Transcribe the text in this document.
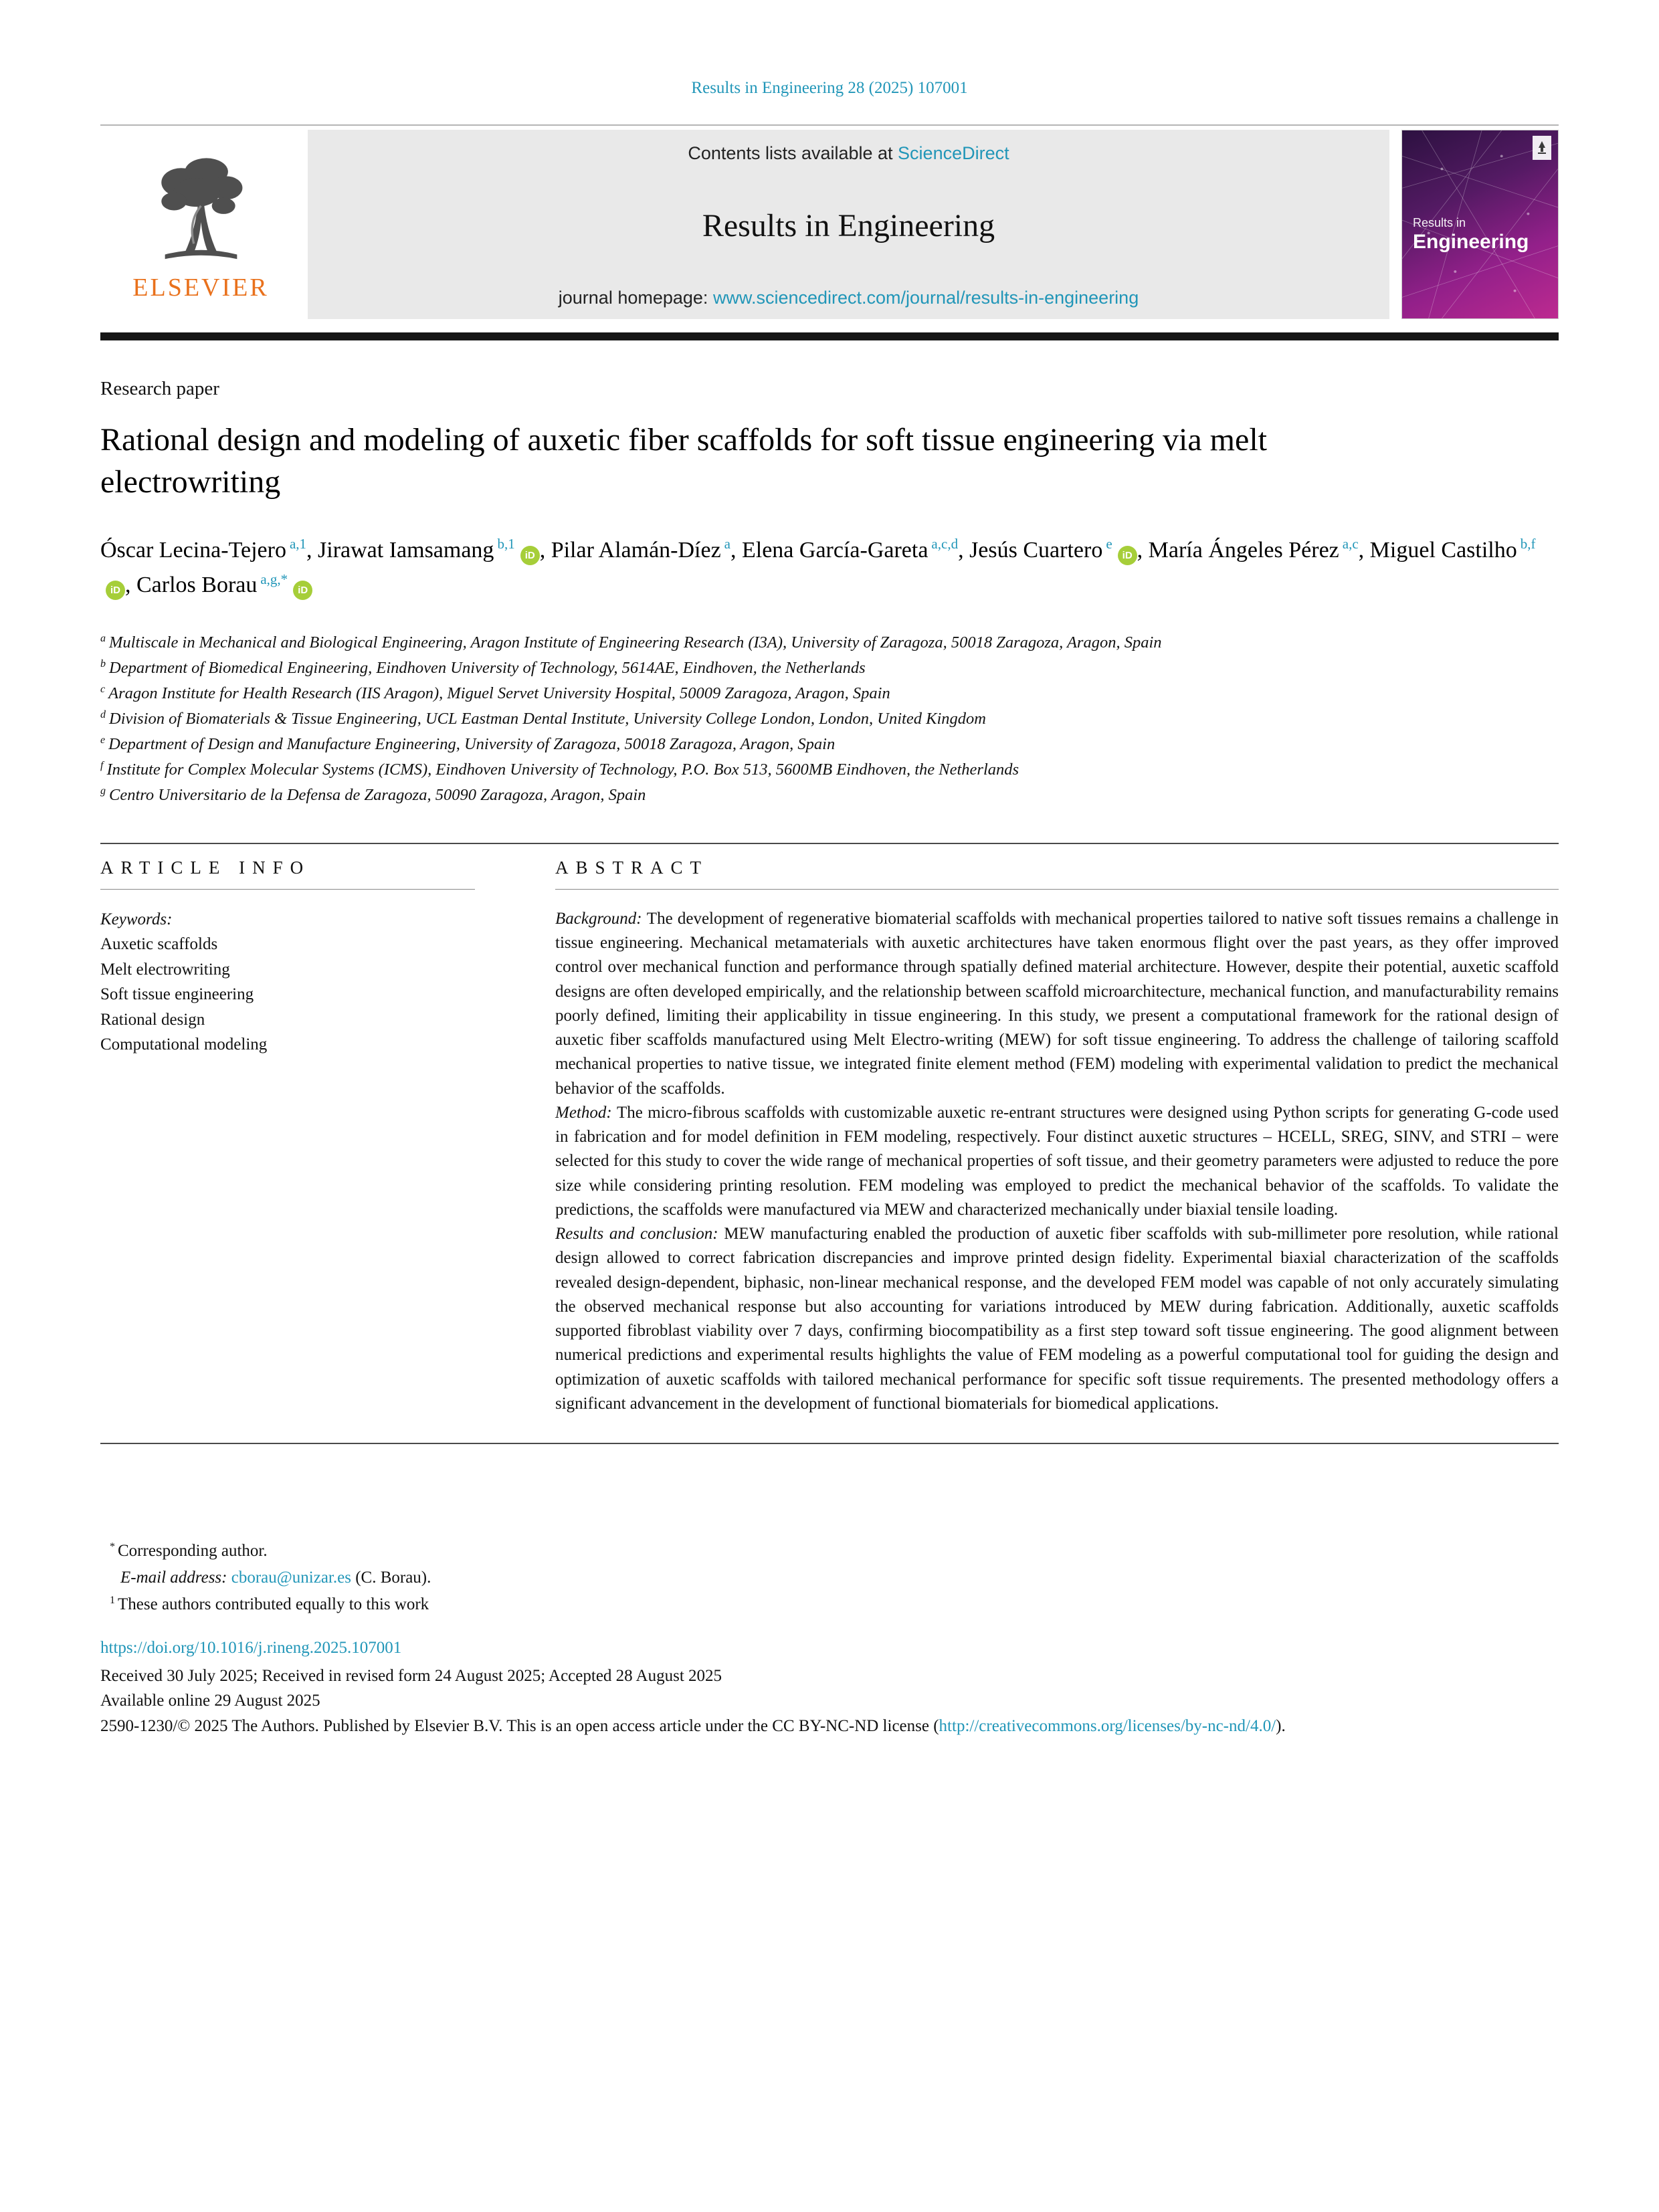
Results in Engineering 28 (2025) 107001
ELSEVIER
Contents lists available at ScienceDirect
Results in Engineering
journal homepage: www.sciencedirect.com/journal/results-in-engineering
Results in
Engineering
Research paper
Rational design and modeling of auxetic fiber scaffolds for soft tissue engineering via melt electrowriting
Óscar Lecina-Tejero $^{a,1}$, Jirawat Iamsamang $^{b,1}$iD , Pilar Alamán-Díez $^a$, Elena García-Gareta $^{a,c,d}$, Jesús Cuartero $^e$iD , María Ángeles Pérez $^{a,c}$, Miguel Castilho $^{b,f}$iD , Carlos Borau $^{a,g,*}$iD
$^a$ Multiscale in Mechanical and Biological Engineering, Aragon Institute of Engineering Research (I3A), University of Zaragoza, 50018 Zaragoza, Aragon, Spain
$^b$ Department of Biomedical Engineering, Eindhoven University of Technology, 5614AE, Eindhoven, the Netherlands
$^c$ Aragon Institute for Health Research (IIS Aragon), Miguel Servet University Hospital, 50009 Zaragoza, Aragon, Spain
$^d$ Division of Biomaterials & Tissue Engineering, UCL Eastman Dental Institute, University College London, London, United Kingdom
$^e$ Department of Design and Manufacture Engineering, University of Zaragoza, 50018 Zaragoza, Aragon, Spain
$^f$ Institute for Complex Molecular Systems (ICMS), Eindhoven University of Technology, P.O. Box 513, 5600MB Eindhoven, the Netherlands
$^g$ Centro Universitario de la Defensa de Zaragoza, 50090 Zaragoza, Aragon, Spain
ARTICLE INFO
Keywords:
Auxetic scaffolds
Melt electrowriting
Soft tissue engineering
Rational design
Computational modeling
ABSTRACT

Background: The development of regenerative biomaterial scaffolds with mechanical properties tailored to native soft tissues remains a challenge in tissue engineering. Mechanical metamaterials with auxetic architectures have taken enormous flight over the past years, as they offer improved control over mechanical function and performance through spatially defined material architecture. However, despite their potential, auxetic scaffold designs are often developed empirically, and the relationship between scaffold microarchitecture, mechanical function, and manufacturability remains poorly defined, limiting their applicability in tissue engineering. In this study, we present a computational framework for the rational design of auxetic fiber scaffolds manufactured using Melt Electro-writing (MEW) for soft tissue engineering. To address the challenge of tailoring scaffold mechanical properties to native tissue, we integrated finite element method (FEM) modeling with experimental validation to predict the mechanical behavior of the scaffolds.

Method: The micro-fibrous scaffolds with customizable auxetic re-entrant structures were designed using Python scripts for generating G-code used in fabrication and for model definition in FEM modeling, respectively. Four distinct auxetic structures – HCELL, SREG, SINV, and STRI – were selected for this study to cover the wide range of mechanical properties of soft tissue, and their geometry parameters were adjusted to reduce the pore size while considering printing resolution. FEM modeling was employed to predict the mechanical behavior of the scaffolds. To validate the predictions, the scaffolds were manufactured via MEW and characterized mechanically under biaxial tensile loading.

Results and conclusion: MEW manufacturing enabled the production of auxetic fiber scaffolds with sub-millimeter pore resolution, while rational design allowed to correct fabrication discrepancies and improve printed design fidelity. Experimental biaxial characterization of the scaffolds revealed design-dependent, biphasic, non-linear mechanical response, and the developed FEM model was capable of not only accurately simulating the observed mechanical response but also accounting for variations introduced by MEW during fabrication. Additionally, auxetic scaffolds supported fibroblast viability over 7 days, confirming biocompatibility as a first step toward soft tissue engineering. The good alignment between numerical predictions and experimental results highlights the value of FEM modeling as a powerful computational tool for guiding the design and optimization of auxetic scaffolds with tailored mechanical performance for specific soft tissue requirements. The presented methodology offers a significant advancement in the development of functional biomaterials for biomedical applications.

* Corresponding author.
E-mail address: cborau@unizar.es (C. Borau).
$^1$ These authors contributed equally to this work
https://doi.org/10.1016/j.rineng.2025.107001
Received 30 July 2025; Received in revised form 24 August 2025; Accepted 28 August 2025
Available online 29 August 2025
2590-1230/© 2025 The Authors. Published by Elsevier B.V. This is an open access article under the CC BY-NC-ND license (http://creativecommons.org/licenses/by-nc-nd/4.0/).
